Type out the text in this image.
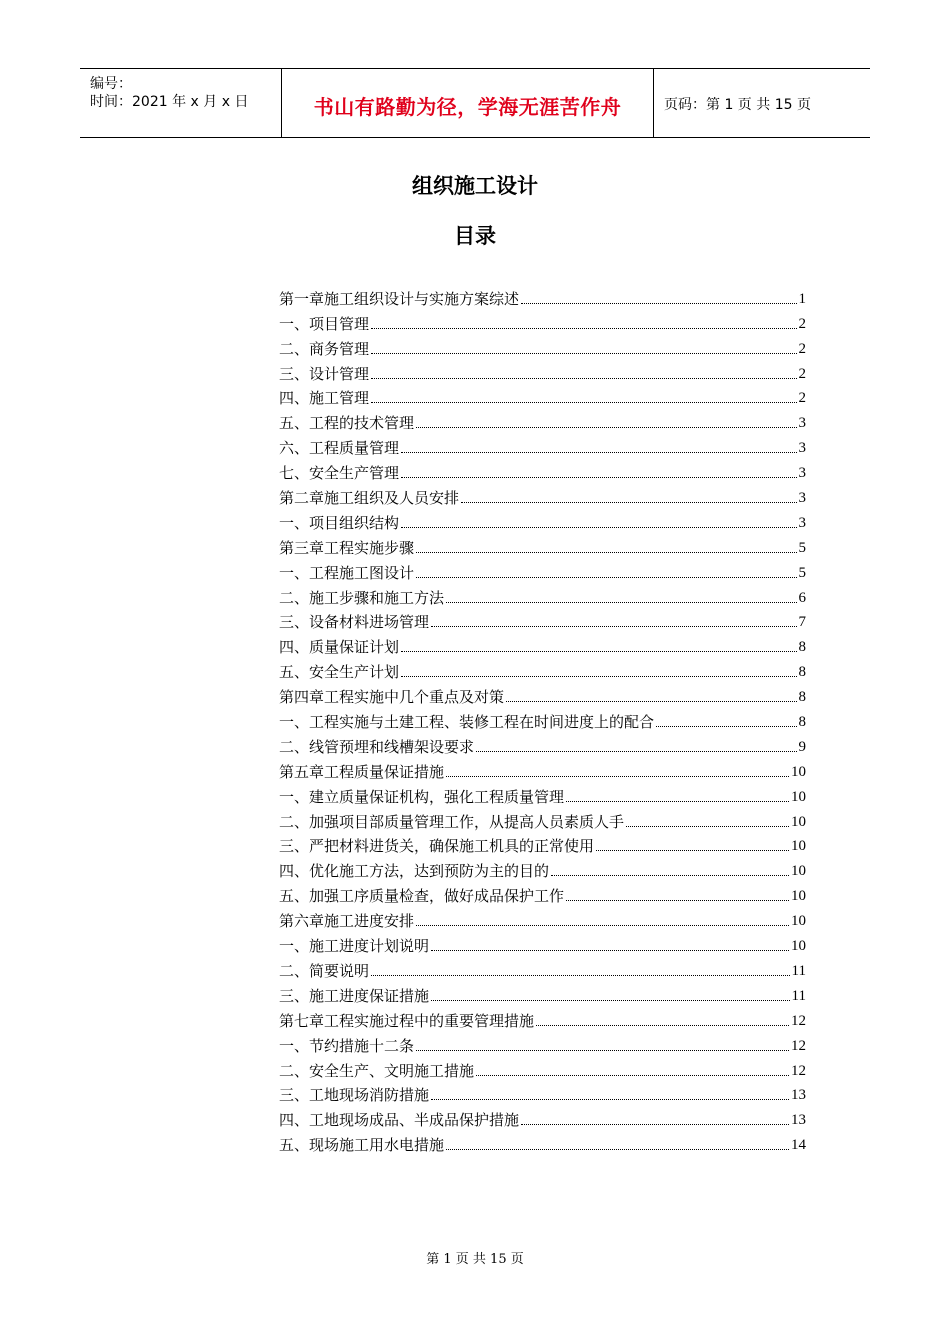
编号：
时间：2021 年 x 月 x 日	书山有路勤为径，学海无涯苦作舟	页码：第 1 页 共 15 页
组织施工设计
目录
第一章施工组织设计与实施方案综述	1
一、项目管理	2
二、商务管理	2
三、设计管理	2
四、施工管理	2
五、工程的技术管理	3
六、工程质量管理	3
七、安全生产管理	3
第二章施工组织及人员安排	3
一、项目组织结构	3
第三章工程实施步骤	5
一、工程施工图设计	5
二、施工步骤和施工方法	6
三、设备材料进场管理	7
四、质量保证计划	8
五、安全生产计划	8
第四章工程实施中几个重点及对策	8
一、工程实施与土建工程、装修工程在时间进度上的配合	8
二、线管预埋和线槽架设要求	9
第五章工程质量保证措施	10
一、建立质量保证机构，强化工程质量管理	10
二、加强项目部质量管理工作，从提高人员素质人手	10
三、严把材料进货关，确保施工机具的正常使用	10
四、优化施工方法，达到预防为主的目的	10
五、加强工序质量检查，做好成品保护工作	10
第六章施工进度安排	10
一、施工进度计划说明	10
二、简要说明	11
三、施工进度保证措施	11
第七章工程实施过程中的重要管理措施	12
一、节约措施十二条	12
二、安全生产、文明施工措施	12
三、工地现场消防措施	13
四、工地现场成品、半成品保护措施	13
五、现场施工用水电措施	14
第 1 页 共 15 页
